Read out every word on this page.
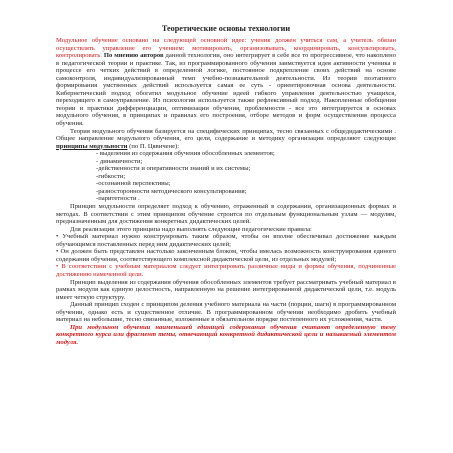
Теоретические основы технологии

Модульное обучение основано на следующей основной идее: ученик должен учиться сам, а учитель обязан осуществлять управление его учением: мотивировать, организовывать, координировать, консультировать, контролировать. По мнению авторов данной технологии, оно интегрирует в себе все то прогрессивное, что накоплено в педагогической теории и практике. Так, из программированного обучения заимствуется идея активности ученика в процессе его четких действий в определенной логике, постоянное подкрепление своих действий на основе самоконтроля, индивидуализированный темп учебно-познавательной деятельности. Из теории поэтапного формирования умственных действий используется самая ее суть - ориентировочная основа деятельности. Кибернетический подход обогатил модульное обучение идеей гибкого управления деятельностью учащихся, переходящего в самоуправление. Из психологии используется также рефлексивный подход. Накопленные обобщения теории и практики дифференциации, оптимизации обучения, проблемности - все это интегрируется в основах модульного обучения, в принципах и правилах его построения, отборе методов и форм осуществления процесса обучения.

Теория модульного обучения базируется на специфических принципах, тесно связанных с общедидактическими . Общее направление модульного обучения, его цели, содержание и методику организации определяют следующие принципы модульности (по П. Цявичене):

- выделения из содержания обучения обособленных элементов;
- динамичности;
-действенности и оперативности знаний и их системы;
-гибкости;
-осознанной перспективы;
-разносторонности методического консультирования;
-паритетности .

Принцип модульности определяет подход к обучению, отраженный в содержании, организационных формах и методах. В соответствии с этим принципом обучение строится по отдельным функциональным узлам — модулям, предназначенным для достижения конкретных дидактических целей.

Для реализации этого принципа надо выполнять следующие педагогические правила:

• Учебный материал нужно конструировать таким образом, чтобы он вполне обеспечивал достижение каждым обучающимся поставленных перед ним дидактических целей;

• Он должен быть представлен настолько законченным блоком, чтобы имелась возможность конструирования единого содержания обучения, соответствующего комплексной дидактической цели, из отдельных модулей;

• В соответствии с учебным материалом следует интегрировать различные виды и формы обучения, подчиненные достижению намеченной цели.

Принцип выделения из содержания обучения обособленных элементов требует рассматривать учебный материал в рамках модуля как единую целостность, направленную на решение интегрированной дидактической цели, т.е. модуль имеет четкую структуру.

Данный принцип сходен с принципом деления учебного материала на части (порции, шаги) в программированном обучении, однако есть и существенное отличие. В программированном обучении необходимо дробить учебный материал на небольшие, тесно связанные, изложенные в обязательном порядке постепенного их усложнения, части.

При модульном обучении наименьшей единицей содержания обучения считают определенную тему конкретного курса или фрагмент темы, отвечающий конкретной дидактической цели и называемый элементом модуля.
